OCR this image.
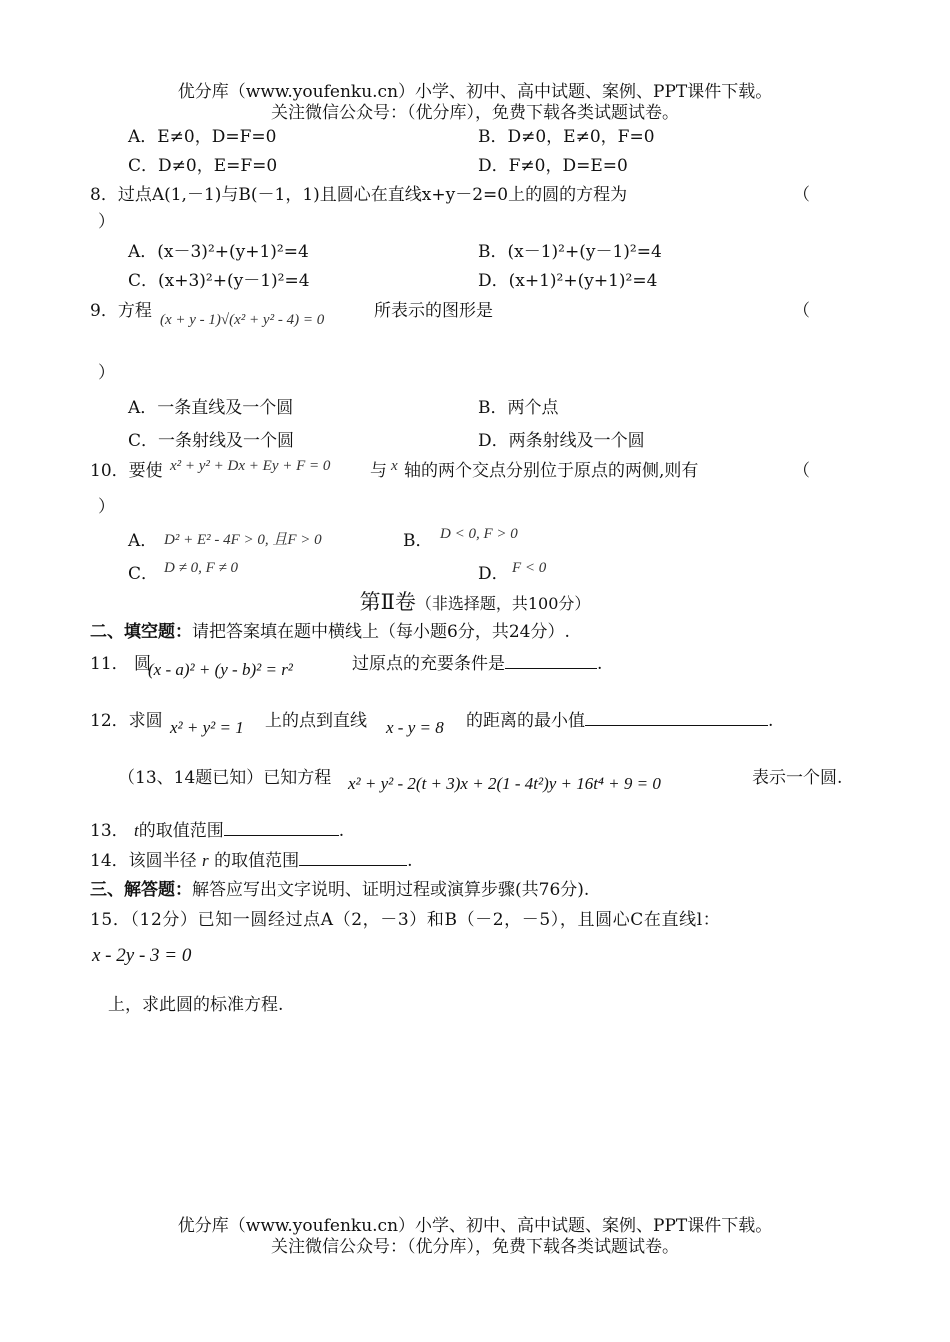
优分库（www.youfenku.cn）小学、初中、高中试题、案例、PPT课件下载。
关注微信公众号：（优分库），免费下载各类试题试卷。
A．E≠0，D=F=0	B．D≠0，E≠0，F=0
C．D≠0，E=F=0	D．F≠0，D=E=0
8．过点A(1,－1)与B(－1，1)且圆心在直线x+y－2=0上的圆的方程为	（
）
A．(x－3)²+(y+1)²=4	B．(x－1)²+(y－1)²=4
C．(x+3)²+(y－1)²=4	D．(x+1)²+(y+1)²=4
9．方程 (x + y - 1)√(x² + y² - 4) = 0	所表示的图形是	（
）
A．一条直线及一个圆	B．两个点
C．一条射线及一个圆	D．两条射线及一个圆
10．要使 x² + y² + Dx + Ey + F = 0 与 x 轴的两个交点分别位于原点的两侧,则有	（
）
A． D² + E² - 4F > 0, 且F > 0	B． D < 0, F > 0
C． D ≠ 0, F ≠ 0	D． F < 0
第Ⅱ卷（非选择题，共100分）
二、填空题：请把答案填在题中横线上（每小题6分，共24分）.
11． 圆
(x - a)² + (y - b)² = r²	过原点的充要条件是	.
12．求圆 x² + y² = 1 上的点到直线 x - y = 8 的距离的最小值	.
（13、14题已知）已知方程 x² + y² - 2(t + 3)x + 2(1 - 4t²)y + 16t⁴ + 9 = 0	表示一个圆.
13． t的取值范围	.
14．该圆半径 r 的取值范围	.
三、解答题：解答应写出文字说明、证明过程或演算步骤(共76分).
15．（12分）已知一圆经过点A（2，－3）和B（－2，－5），且圆心C在直线l：
x - 2y - 3 = 0
上，求此圆的标准方程.
优分库（www.youfenku.cn）小学、初中、高中试题、案例、PPT课件下载。
关注微信公众号：（优分库），免费下载各类试题试卷。
